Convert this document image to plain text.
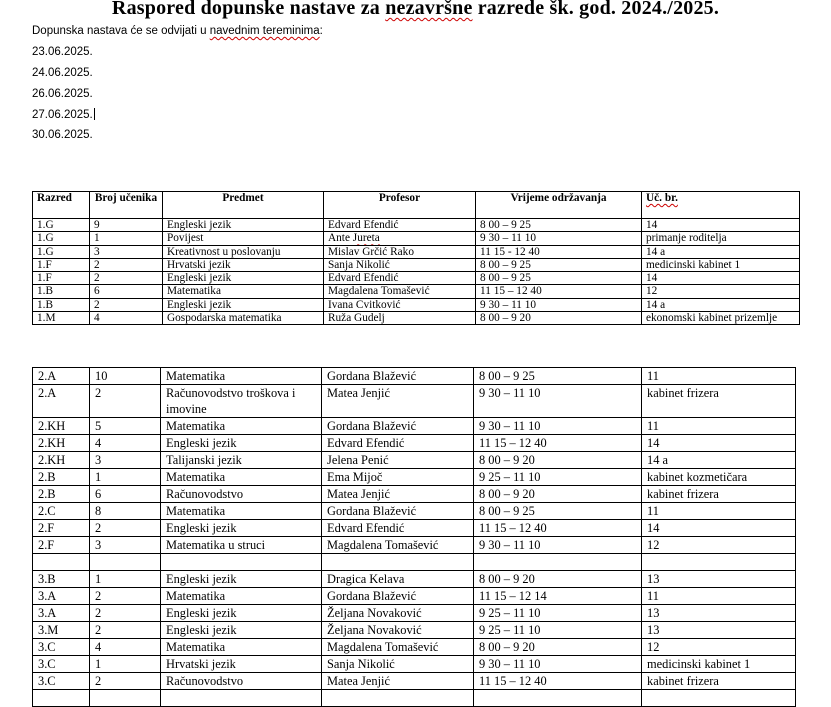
Raspored dopunske nastave za nezavršne razrede šk. god. 2024./2025.
Dopunska nastava će se odvijati u navednim tereminima:
23.06.2025.
24.06.2025.
26.06.2025.
27.06.2025.
30.06.2025.
Razred	Broj učenika	Predmet	Profesor	Vrijeme održavanja	Uč. br.
1.G	9	Engleski jezik	Edvard Efendić	8 00 – 9 25	14
1.G	1	Povijest	Ante Jureta	9 30 – 11 10	primanje roditelja
1.G	3	Kreativnost u poslovanju	Mislav Grčić Rako	11 15 - 12 40	14 a
1.F	2	Hrvatski jezik	Sanja Nikolić	8 00 – 9 25	medicinski kabinet 1
1.F	2	Engleski jezik	Edvard Efendić	8 00 – 9 25	14
1.B	6	Matematika	Magdalena Tomašević	11 15 – 12 40	12
1.B	2	Engleski jezik	Ivana Cvitković	9 30 – 11 10	14 a
1.M	4	Gospodarska matematika	Ruža Gudelj	8 00 – 9 20	ekonomski kabinet prizemlje
2.A	10	Matematika	Gordana Blažević	8 00 – 9 25	11
2.A	2	Računovodstvo troškova i imovine	Matea Jenjić	9 30 – 11 10	kabinet frizera
2.KH	5	Matematika	Gordana Blažević	9 30 – 11 10	11
2.KH	4	Engleski jezik	Edvard Efendić	11 15 – 12 40	14
2.KH	3	Talijanski jezik	Jelena Penić	8 00 – 9 20	14 a
2.B	1	Matematika	Ema Mijoč	9 25 – 11 10	kabinet kozmetičara
2.B	6	Računovodstvo	Matea Jenjić	8 00 – 9 20	kabinet frizera
2.C	8	Matematika	Gordana Blažević	8 00 – 9 25	11
2.F	2	Engleski jezik	Edvard Efendić	11 15 – 12 40	14
2.F	3	Matematika u struci	Magdalena Tomašević	9 30 – 11 10	12

3.B	1	Engleski jezik	Dragica Kelava	8 00 – 9 20	13
3.A	2	Matematika	Gordana Blažević	11 15 – 12 14	11
3.A	2	Engleski jezik	Željana Novaković	9 25 – 11 10	13
3.M	2	Engleski jezik	Željana Novaković	9 25 – 11 10	13
3.C	4	Matematika	Magdalena Tomašević	8 00 – 9 20	12
3.C	1	Hrvatski jezik	Sanja Nikolić	9 30 – 11 10	medicinski kabinet 1
3.C	2	Računovodstvo	Matea Jenjić	11 15 – 12 40	kabinet frizera
